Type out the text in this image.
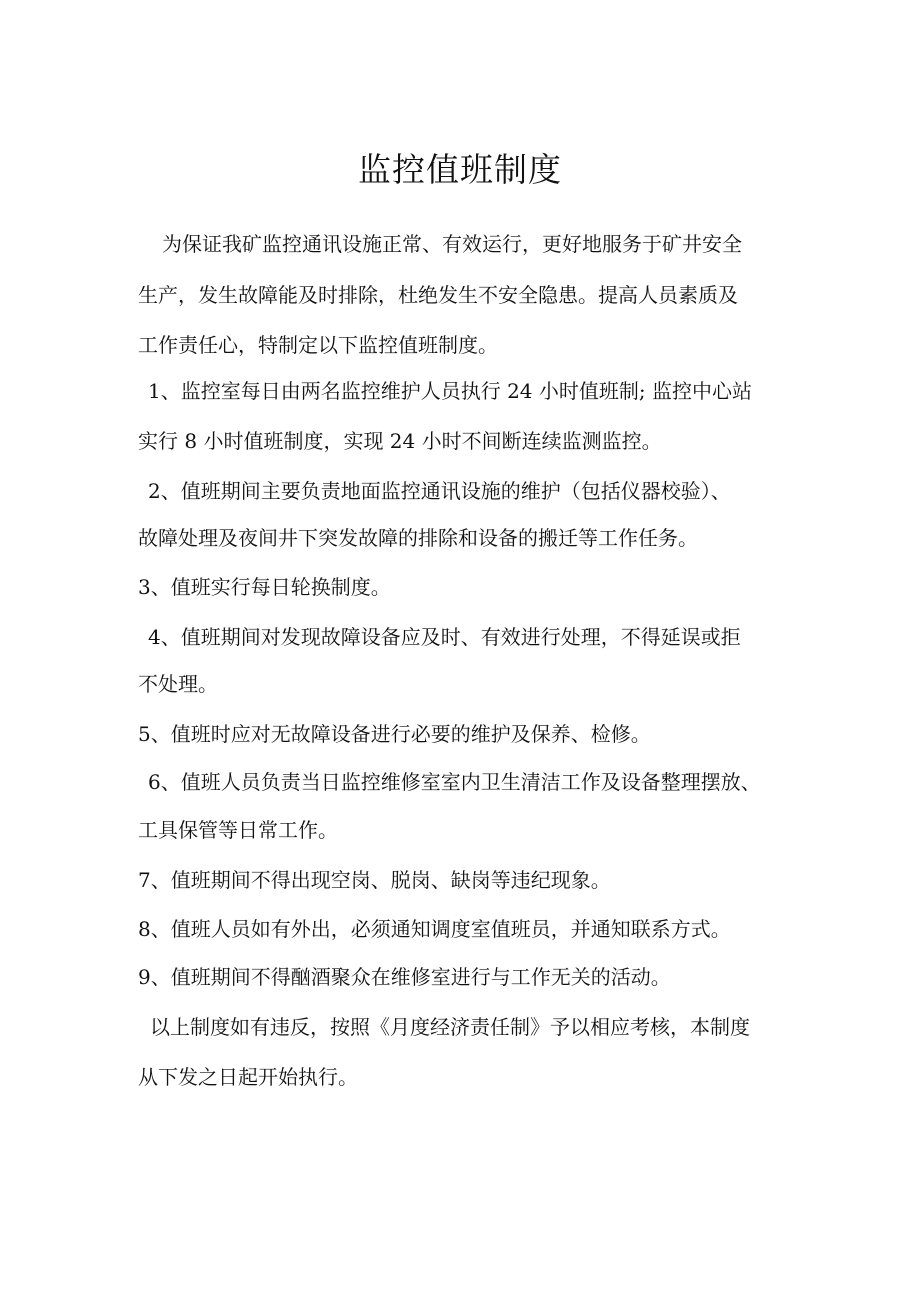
监控值班制度

为保证我矿监控通讯设施正常、有效运行，更好地服务于矿井安全

生产，发生故障能及时排除，杜绝发生不安全隐患。提高人员素质及

工作责任心，特制定以下监控值班制度。

1、监控室每日由两名监控维护人员执行 24 小时值班制; 监控中心站

实行 8 小时值班制度，实现 24 小时不间断连续监测监控。

2、值班期间主要负责地面监控通讯设施的维护（包括仪器校验）、

故障处理及夜间井下突发故障的排除和设备的搬迁等工作任务。

3、值班实行每日轮换制度。

4、值班期间对发现故障设备应及时、有效进行处理，不得延误或拒

不处理。

5、值班时应对无故障设备进行必要的维护及保养、检修。

6、值班人员负责当日监控维修室室内卫生清洁工作及设备整理摆放、

工具保管等日常工作。

7、值班期间不得出现空岗、脱岗、缺岗等违纪现象。

8、值班人员如有外出，必须通知调度室值班员，并通知联系方式。

9、值班期间不得酗酒聚众在维修室进行与工作无关的活动。

以上制度如有违反，按照《月度经济责任制》予以相应考核，本制度

从下发之日起开始执行。
